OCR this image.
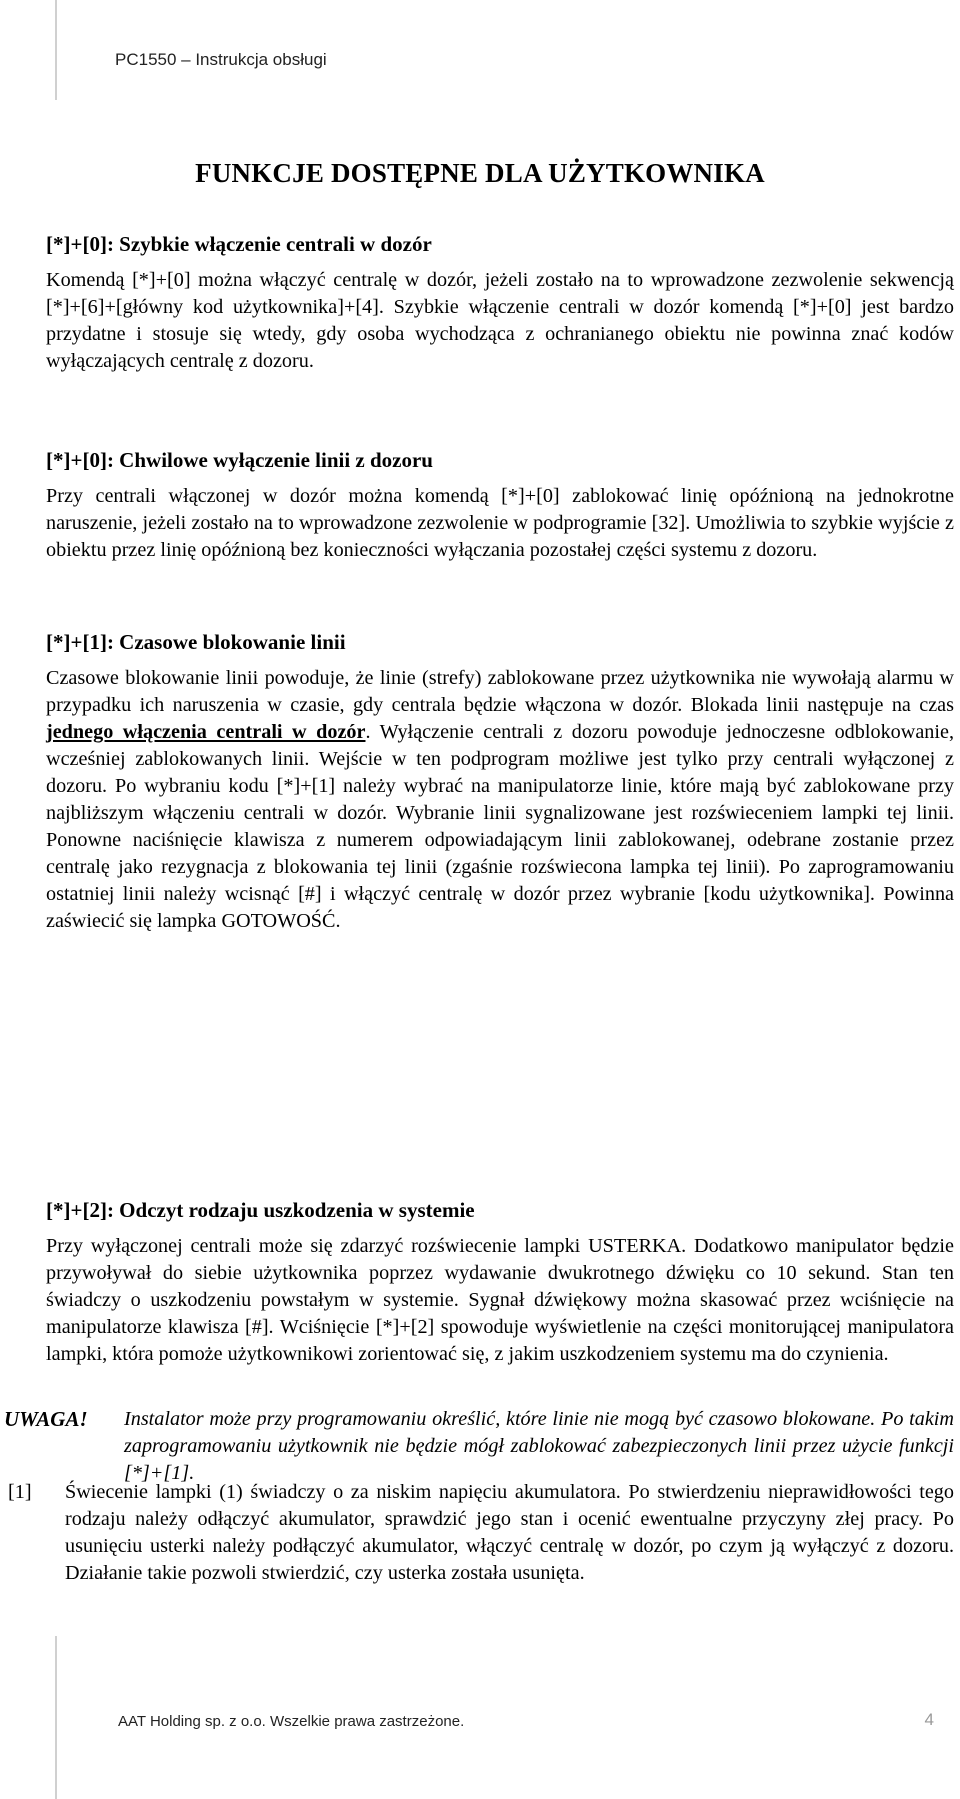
PC1550 – Instrukcja obsługi
FUNKCJE DOSTĘPNE DLA UŻYTKOWNIKA
[*]+[0]: Szybkie włączenie centrali w dozór

Komendą [*]+[0] można włączyć centralę w dozór, jeżeli zostało na to wprowadzone zezwolenie sekwencją [*]+[6]+[główny kod użytkownika]+[4]. Szybkie włączenie centrali w dozór komendą [*]+[0] jest bardzo przydatne i stosuje się wtedy, gdy osoba wychodząca z ochranianego obiektu nie powinna znać kodów wyłączających centralę z dozoru.

[*]+[0]: Chwilowe wyłączenie linii z dozoru

Przy centrali włączonej w dozór można komendą [*]+[0] zablokować linię opóźnioną na jednokrotne naruszenie, jeżeli zostało na to wprowadzone zezwolenie w podprogramie [32]. Umożliwia to szybkie wyjście z obiektu przez linię opóźnioną bez konieczności wyłączania pozostałej części systemu z dozoru.

[*]+[1]: Czasowe blokowanie linii

Czasowe blokowanie linii powoduje, że linie (strefy) zablokowane przez użytkownika nie wywołają alarmu w przypadku ich naruszenia w czasie, gdy centrala będzie włączona w dozór. Blokada linii następuje na czas jednego włączenia centrali w dozór. Wyłączenie centrali z dozoru powoduje jednoczesne odblokowanie, wcześniej zablokowanych linii. Wejście w ten podprogram możliwe jest tylko przy centrali wyłączonej z dozoru. Po wybraniu kodu [*]+[1] należy wybrać na manipulatorze linie, które mają być zablokowane przy najbliższym włączeniu centrali w dozór. Wybranie linii sygnalizowane jest rozświeceniem lampki tej linii. Ponowne naciśnięcie klawisza z numerem odpowiadającym linii zablokowanej, odebrane zostanie przez centralę jako rezygnacja z blokowania tej linii (zgaśnie rozświecona lampka tej linii). Po zaprogramowaniu ostatniej linii należy wcisnąć [#] i włączyć centralę w dozór przez wybranie [kodu użytkownika]. Powinna zaświecić się lampka GOTOWOŚĆ.

UWAGA! Instalator może przy programowaniu określić, które linie nie mogą być czasowo blokowane. Po takim zaprogramowaniu użytkownik nie będzie mógł zablokować zabezpieczonych linii przez użycie funkcji [*]+[1].
[*]+[2]: Odczyt rodzaju uszkodzenia w systemie

Przy wyłączonej centrali może się zdarzyć rozświecenie lampki USTERKA. Dodatkowo manipulator będzie przywoływał do siebie użytkownika poprzez wydawanie dwukrotnego dźwięku co 10 sekund. Stan ten świadczy o uszkodzeniu powstałym w systemie. Sygnał dźwiękowy można skasować przez wciśnięcie na manipulatorze klawisza [#]. Wciśnięcie [*]+[2] spowoduje wyświetlenie na części monitorującej manipulatora lampki, która pomoże użytkownikowi zorientować się, z jakim uszkodzeniem systemu ma do czynienia.

[1] Świecenie lampki (1) świadczy o za niskim napięciu akumulatora. Po stwierdzeniu nieprawidłowości tego rodzaju należy odłączyć akumulator, sprawdzić jego stan i ocenić ewentualne przyczyny złej pracy. Po usunięciu usterki należy podłączyć akumulator, włączyć centralę w dozór, po czym ją wyłączyć z dozoru. Działanie takie pozwoli stwierdzić, czy usterka została usunięta.
AAT Holding sp. z o.o. Wszelkie prawa zastrzeżone.	4
